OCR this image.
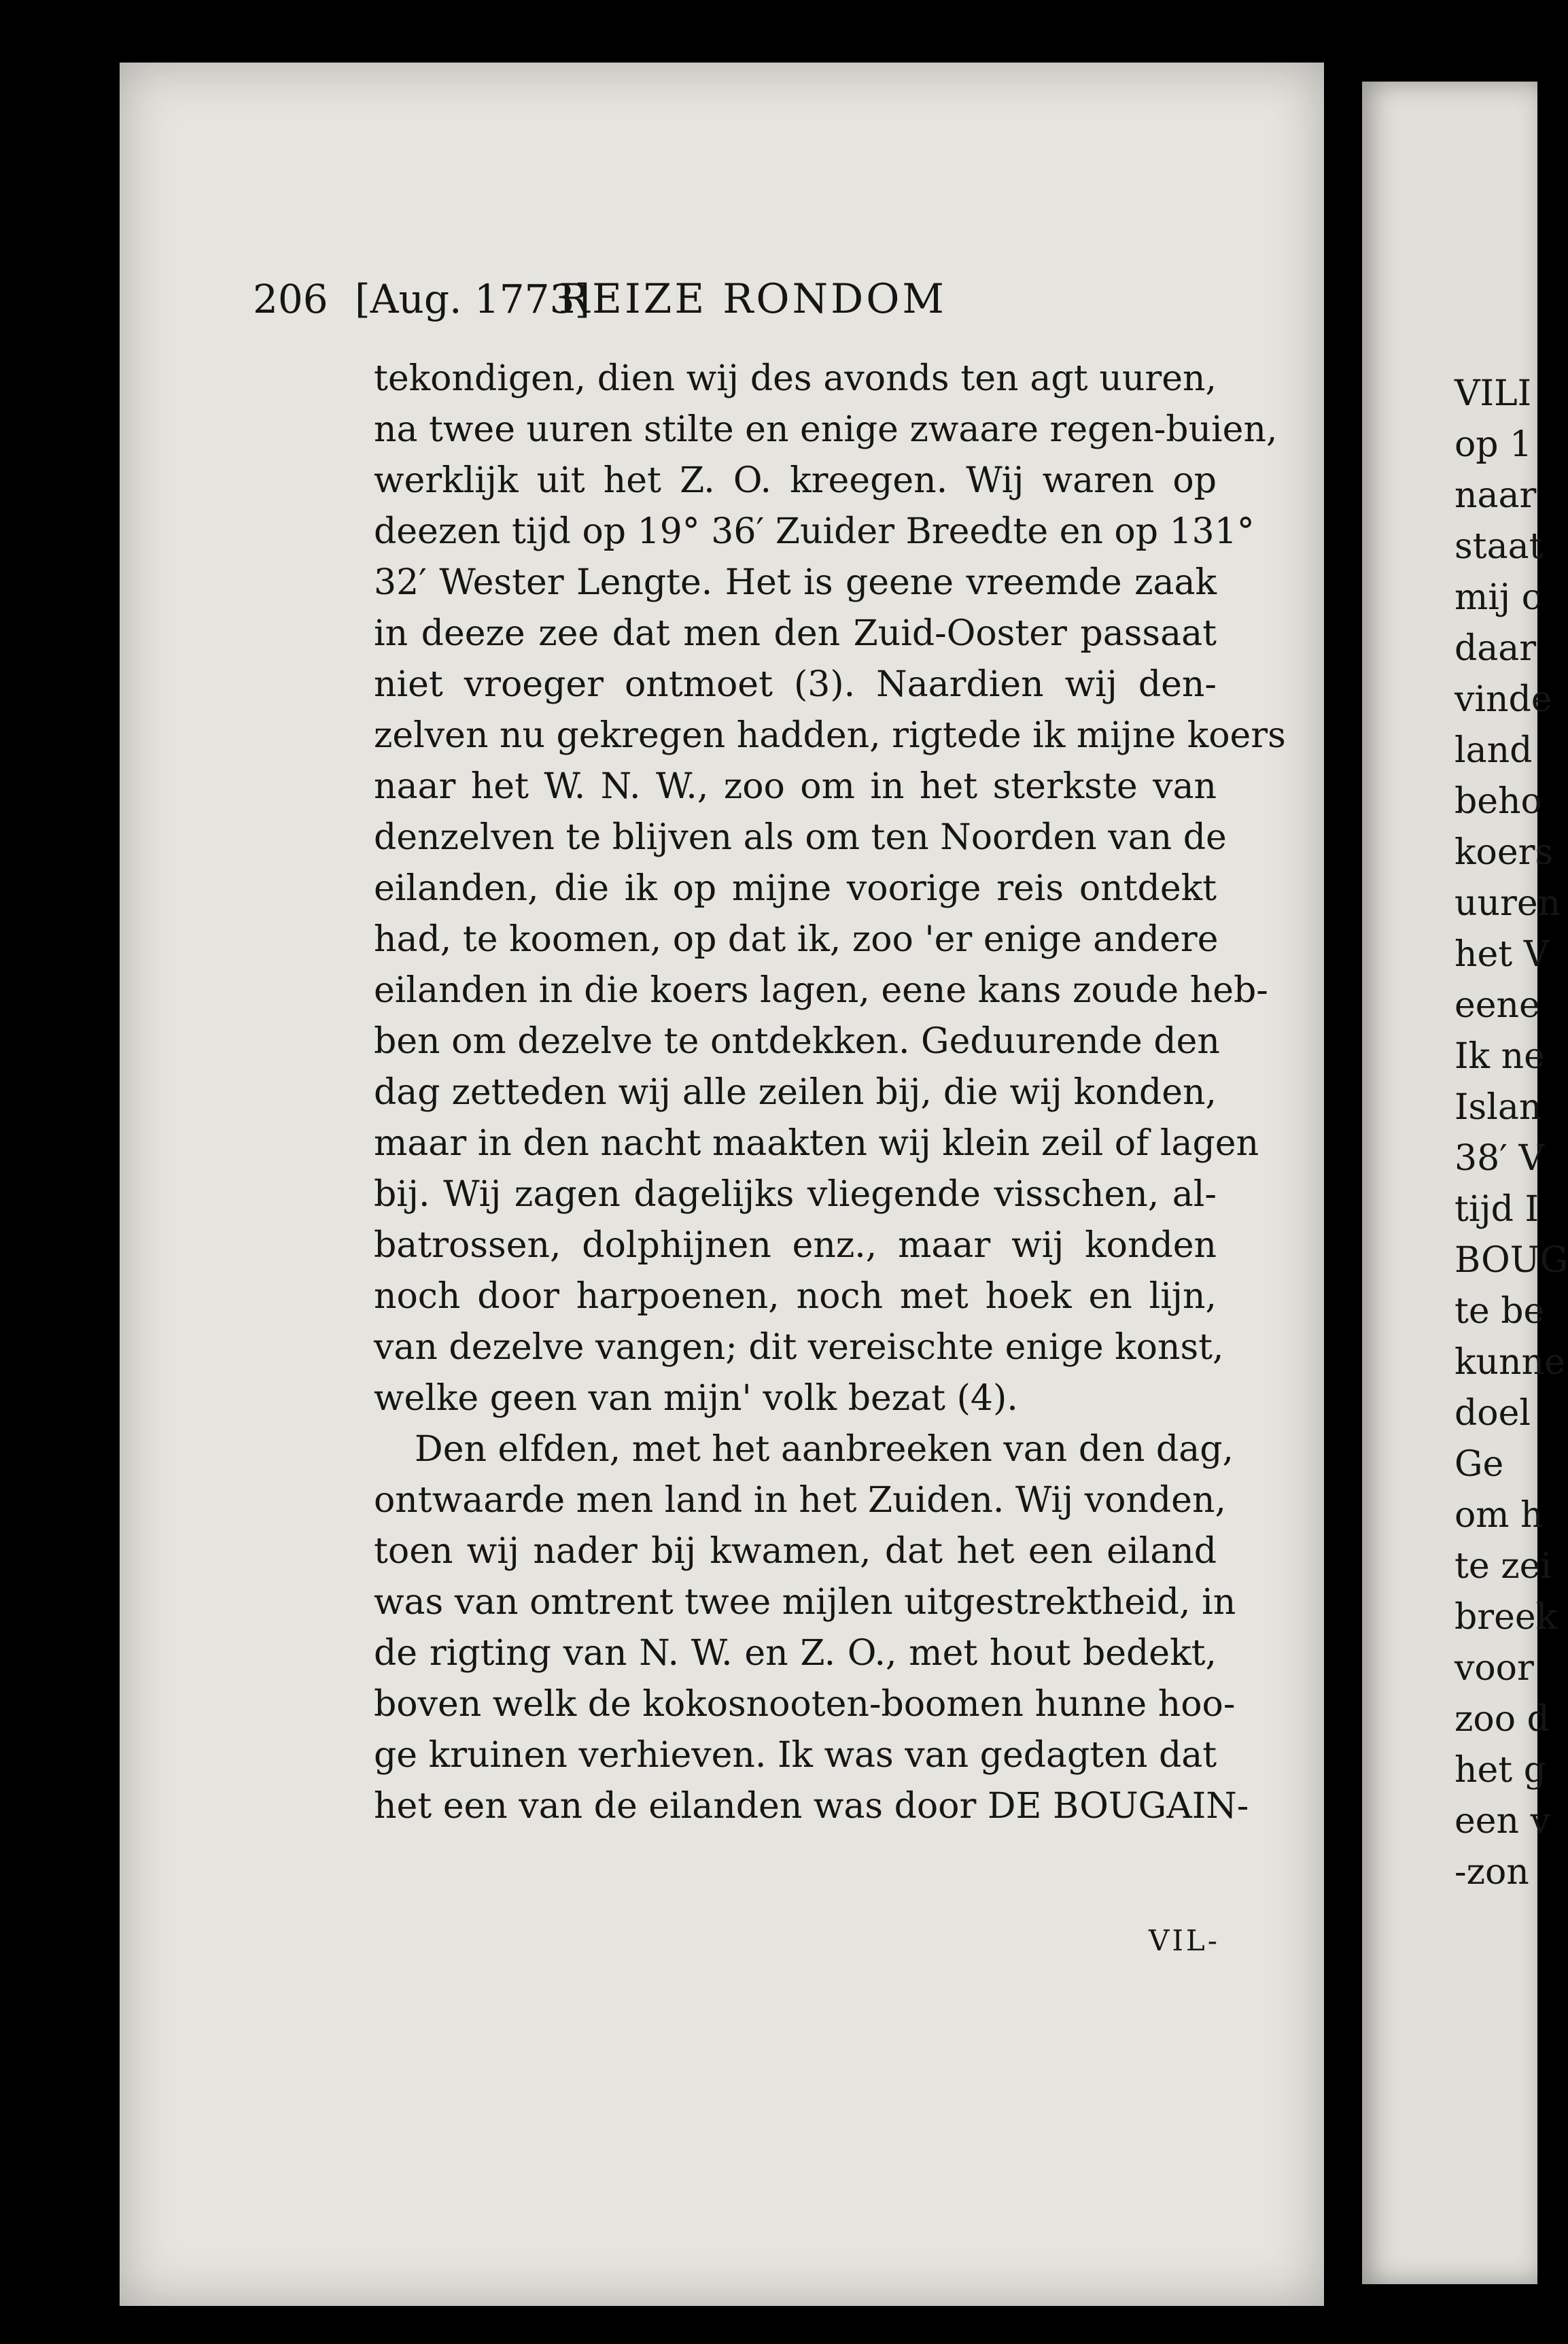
206 [Aug. 1773]REIZE RONDOM
tekondigen, dien wij des avonds ten agt uuren,
na twee uuren stilte en enige zwaare regen-buien,
werklijk uit het Z. O. kreegen. Wij waren op
deezen tijd op 19° 36′ Zuider Breedte en op 131°
32′ Wester Lengte. Het is geene vreemde zaak
in deeze zee dat men den Zuid-Ooster passaat
niet vroeger ontmoet (3). Naardien wij den-
zelven nu gekregen hadden, rigtede ik mijne koers
naar het W. N. W., zoo om in het sterkste van
denzelven te blijven als om ten Noorden van de
eilanden, die ik op mijne voorige reis ontdekt
had, te koomen, op dat ik, zoo 'er enige andere
eilanden in die koers lagen, eene kans zoude heb-
ben om dezelve te ontdekken. Geduurende den
dag zetteden wij alle zeilen bij, die wij konden,
maar in den nacht maakten wij klein zeil of lagen
bij. Wij zagen dagelijks vliegende visschen, al-
batrossen, dolphijnen enz., maar wij konden
noch door harpoenen, noch met hoek en lijn,
van dezelve vangen; dit vereischte enige konst,
welke geen van mijn' volk bezat (4).
Den elfden, met het aanbreeken van den dag,
ontwaarde men land in het Zuiden. Wij vonden,
toen wij nader bij kwamen, dat het een eiland
was van omtrent twee mijlen uitgestrektheid, in
de rigting van N. W. en Z. O., met hout bedekt,
boven welk de kokosnooten-boomen hunne hoo-
ge kruinen verhieven. Ik was van gedagten dat
het een van de eilanden was door DE BOUGAIN-
VIL-
VILI
op 1
naar
staat
mij c
daar
vinde
land
beho
koers
uuren
het V
eene
Ik ne
Islan
38′ V
tijd I
BOUG
te be
kunne
doel
Ge
om h
te zei
breek
voor
zoo d
het g
een v
-zon
